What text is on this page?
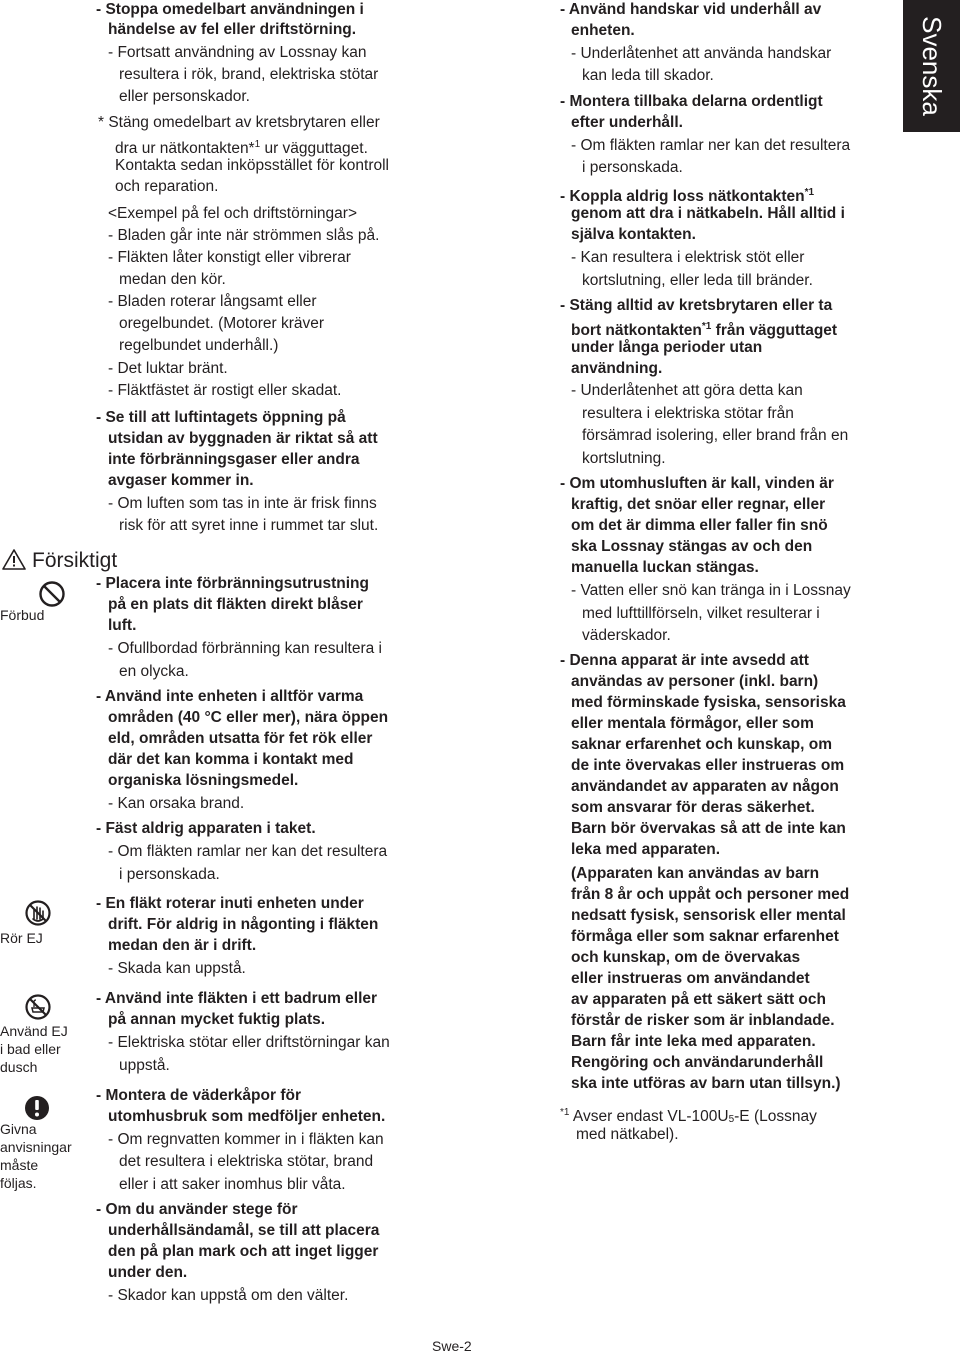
Svenska
Försiktigt
Förbud
Rör EJ
Använd EJ
i bad eller
dusch
Givna
anvisningar
måste
följas.
- Stoppa omedelbart användningen i
händelse av fel eller driftstörning.
- Fortsatt användning av Lossnay kan
resultera i rök, brand, elektriska stötar
eller personskador.
* Stäng omedelbart av kretsbrytaren eller
dra ur nätkontakten*$^1$ ur vägguttaget.
Kontakta sedan inköpsstället för kontroll
och reparation.
<Exempel på fel och driftstörningar>
- Bladen går inte när strömmen slås på.
- Fläkten låter konstigt eller vibrerar
medan den kör.
- Bladen roterar långsamt eller
oregelbundet. (Motorer kräver
regelbundet underhåll.)
- Det luktar bränt.
- Fläktfästet är rostigt eller skadat.
- Se till att luftintagets öppning på
utsidan av byggnaden är riktat så att
inte förbränningsgaser eller andra
avgaser kommer in.
- Om luften som tas in inte är frisk finns
risk för att syret inne i rummet tar slut.
- Placera inte förbränningsutrustning
på en plats dit fläkten direkt blåser
luft.
- Ofullbordad förbränning kan resultera i
en olycka.
- Använd inte enheten i alltför varma
områden (40 °C eller mer), nära öppen
eld, områden utsatta för fet rök eller
där det kan komma i kontakt med
organiska lösningsmedel.
- Kan orsaka brand.
- Fäst aldrig apparaten i taket.
- Om fläkten ramlar ner kan det resultera
i personskada.
- En fläkt roterar inuti enheten under
drift. För aldrig in någonting i fläkten
medan den är i drift.
- Skada kan uppstå.
- Använd inte fläkten i ett badrum eller
på annan mycket fuktig plats.
- Elektriska stötar eller driftstörningar kan
uppstå.
- Montera de väderkåpor för
utomhusbruk som medföljer enheten.
- Om regnvatten kommer in i fläkten kan
det resultera i elektriska stötar, brand
eller i att saker inomhus blir våta.
- Om du använder stege för
underhållsändamål, se till att placera
den på plan mark och att inget ligger
under den.
- Skador kan uppstå om den välter.
- Använd handskar vid underhåll av
enheten.
- Underlåtenhet att använda handskar
kan leda till skador.
- Montera tillbaka delarna ordentligt
efter underhåll.
- Om fläkten ramlar ner kan det resultera
i personskada.
- Koppla aldrig loss nätkontakten$^{*1}$
genom att dra i nätkabeln. Håll alltid i
själva kontakten.
- Kan resultera i elektrisk stöt eller
kortslutning, eller leda till bränder.
- Stäng alltid av kretsbrytaren eller ta
bort nätkontakten$^{*1}$ från vägguttaget
under långa perioder utan
användning.
- Underlåtenhet att göra detta kan
resultera i elektriska stötar från
försämrad isolering, eller brand från en
kortslutning.
- Om utomhusluften är kall, vinden är
kraftig, det snöar eller regnar, eller
om det är dimma eller faller fin snö
ska Lossnay stängas av och den
manuella luckan stängas.
- Vatten eller snö kan tränga in i Lossnay
med lufttillförseln, vilket resulterar i
väderskador.
- Denna apparat är inte avsedd att
användas av personer (inkl. barn)
med förminskade fysiska, sensoriska
eller mentala förmågor, eller som
saknar erfarenhet och kunskap, om
de inte övervakas eller instrueras om
användandet av apparaten av någon
som ansvarar för deras säkerhet.
Barn bör övervakas så att de inte kan
leka med apparaten.
(Apparaten kan användas av barn
från 8 år och uppåt och personer med
nedsatt fysisk, sensorisk eller mental
förmåga eller som saknar erfarenhet
och kunskap, om de övervakas
eller instrueras om användandet
av apparaten på ett säkert sätt och
förstår de risker som är inblandade.
Barn får inte leka med apparaten.
Rengöring och användarunderhåll
ska inte utföras av barn utan tillsyn.)
$^{*1}$ Avser endast VL-100U5-E (Lossnay
med nätkabel).
Swe-2
